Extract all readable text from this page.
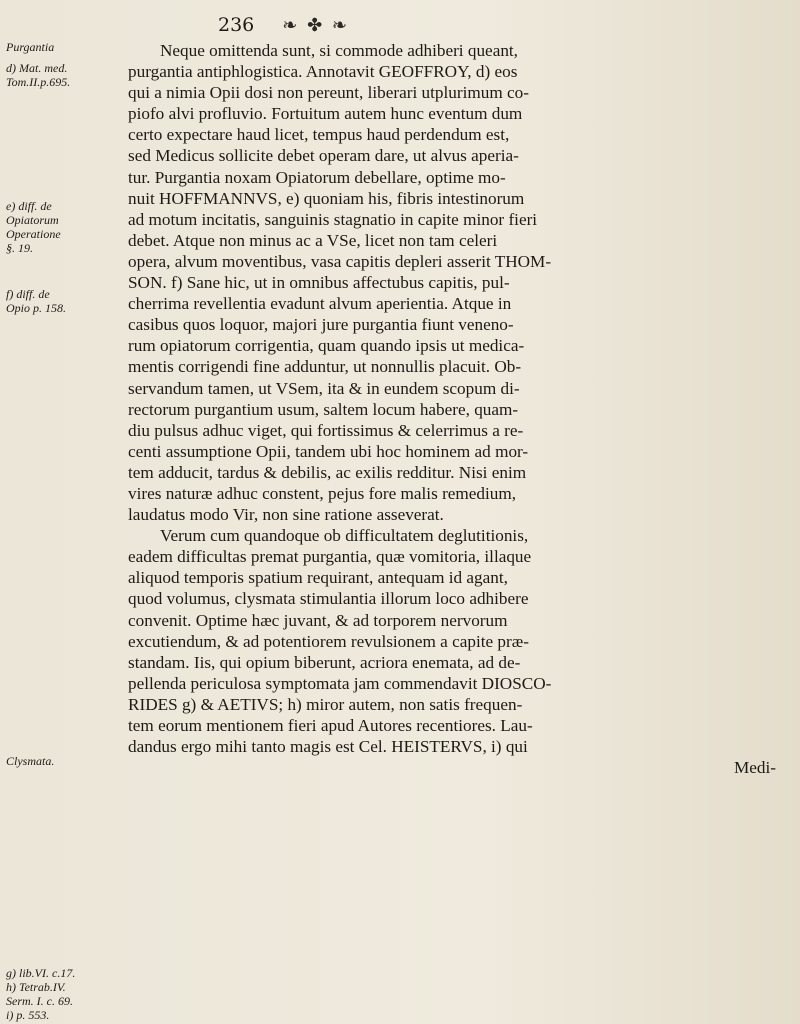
236 ❧ ✤ ❧
Purgantia
d) Mat. med.
Tom.II.p.695.
e) diff. de
Opiatorum
Operatione
§. 19.
f) diff. de
Opio p. 158.
Clysmata.
g) lib.VI. c.17.
h) Tetrab.IV.
Serm. I. c. 69.
i) p. 553.
Neque omittenda sunt, si commode adhiberi queant,
purgantia antiphlogistica. Annotavit GEOFFROY, d) eos
qui a nimia Opii dosi non pereunt, liberari utplurimum co-
piofo alvi profluvio. Fortuitum autem hunc eventum dum
certo expectare haud licet, tempus haud perdendum est,
sed Medicus sollicite debet operam dare, ut alvus aperia-
tur. Purgantia noxam Opiatorum debellare, optime mo-
nuit HOFFMANNVS, e) quoniam his, fibris intestinorum
ad motum incitatis, sanguinis stagnatio in capite minor fieri
debet. Atque non minus ac a VSe, licet non tam celeri
opera, alvum moventibus, vasa capitis depleri asserit THOM-
SON. f) Sane hic, ut in omnibus affectubus capitis, pul-
cherrima revellentia evadunt alvum aperientia. Atque in
casibus quos loquor, majori jure purgantia fiunt veneno-
rum opiatorum corrigentia, quam quando ipsis ut medica-
mentis corrigendi fine adduntur, ut nonnullis placuit. Ob-
servandum tamen, ut VSem, ita & in eundem scopum di-
rectorum purgantium usum, saltem locum habere, quam-
diu pulsus adhuc viget, qui fortissimus & celerrimus a re-
centi assumptione Opii, tandem ubi hoc hominem ad mor-
tem adducit, tardus & debilis, ac exilis redditur. Nisi enim
vires naturæ adhuc constent, pejus fore malis remedium,
laudatus modo Vir, non sine ratione asseverat.
Verum cum quandoque ob difficultatem deglutitionis,
eadem difficultas premat purgantia, quæ vomitoria, illaque
aliquod temporis spatium requirant, antequam id agant,
quod volumus, clysmata stimulantia illorum loco adhibere
convenit. Optime hæc juvant, & ad torporem nervorum
excutiendum, & ad potentiorem revulsionem a capite præ-
standam. Iis, qui opium biberunt, acriora enemata, ad de-
pellenda periculosa symptomata jam commendavit DIOSCO-
RIDES g) & AETIVS; h) miror autem, non satis frequen-
tem eorum mentionem fieri apud Autores recentiores. Lau-
dandus ergo mihi tanto magis est Cel. HEISTERVS, i) qui
Medi-
